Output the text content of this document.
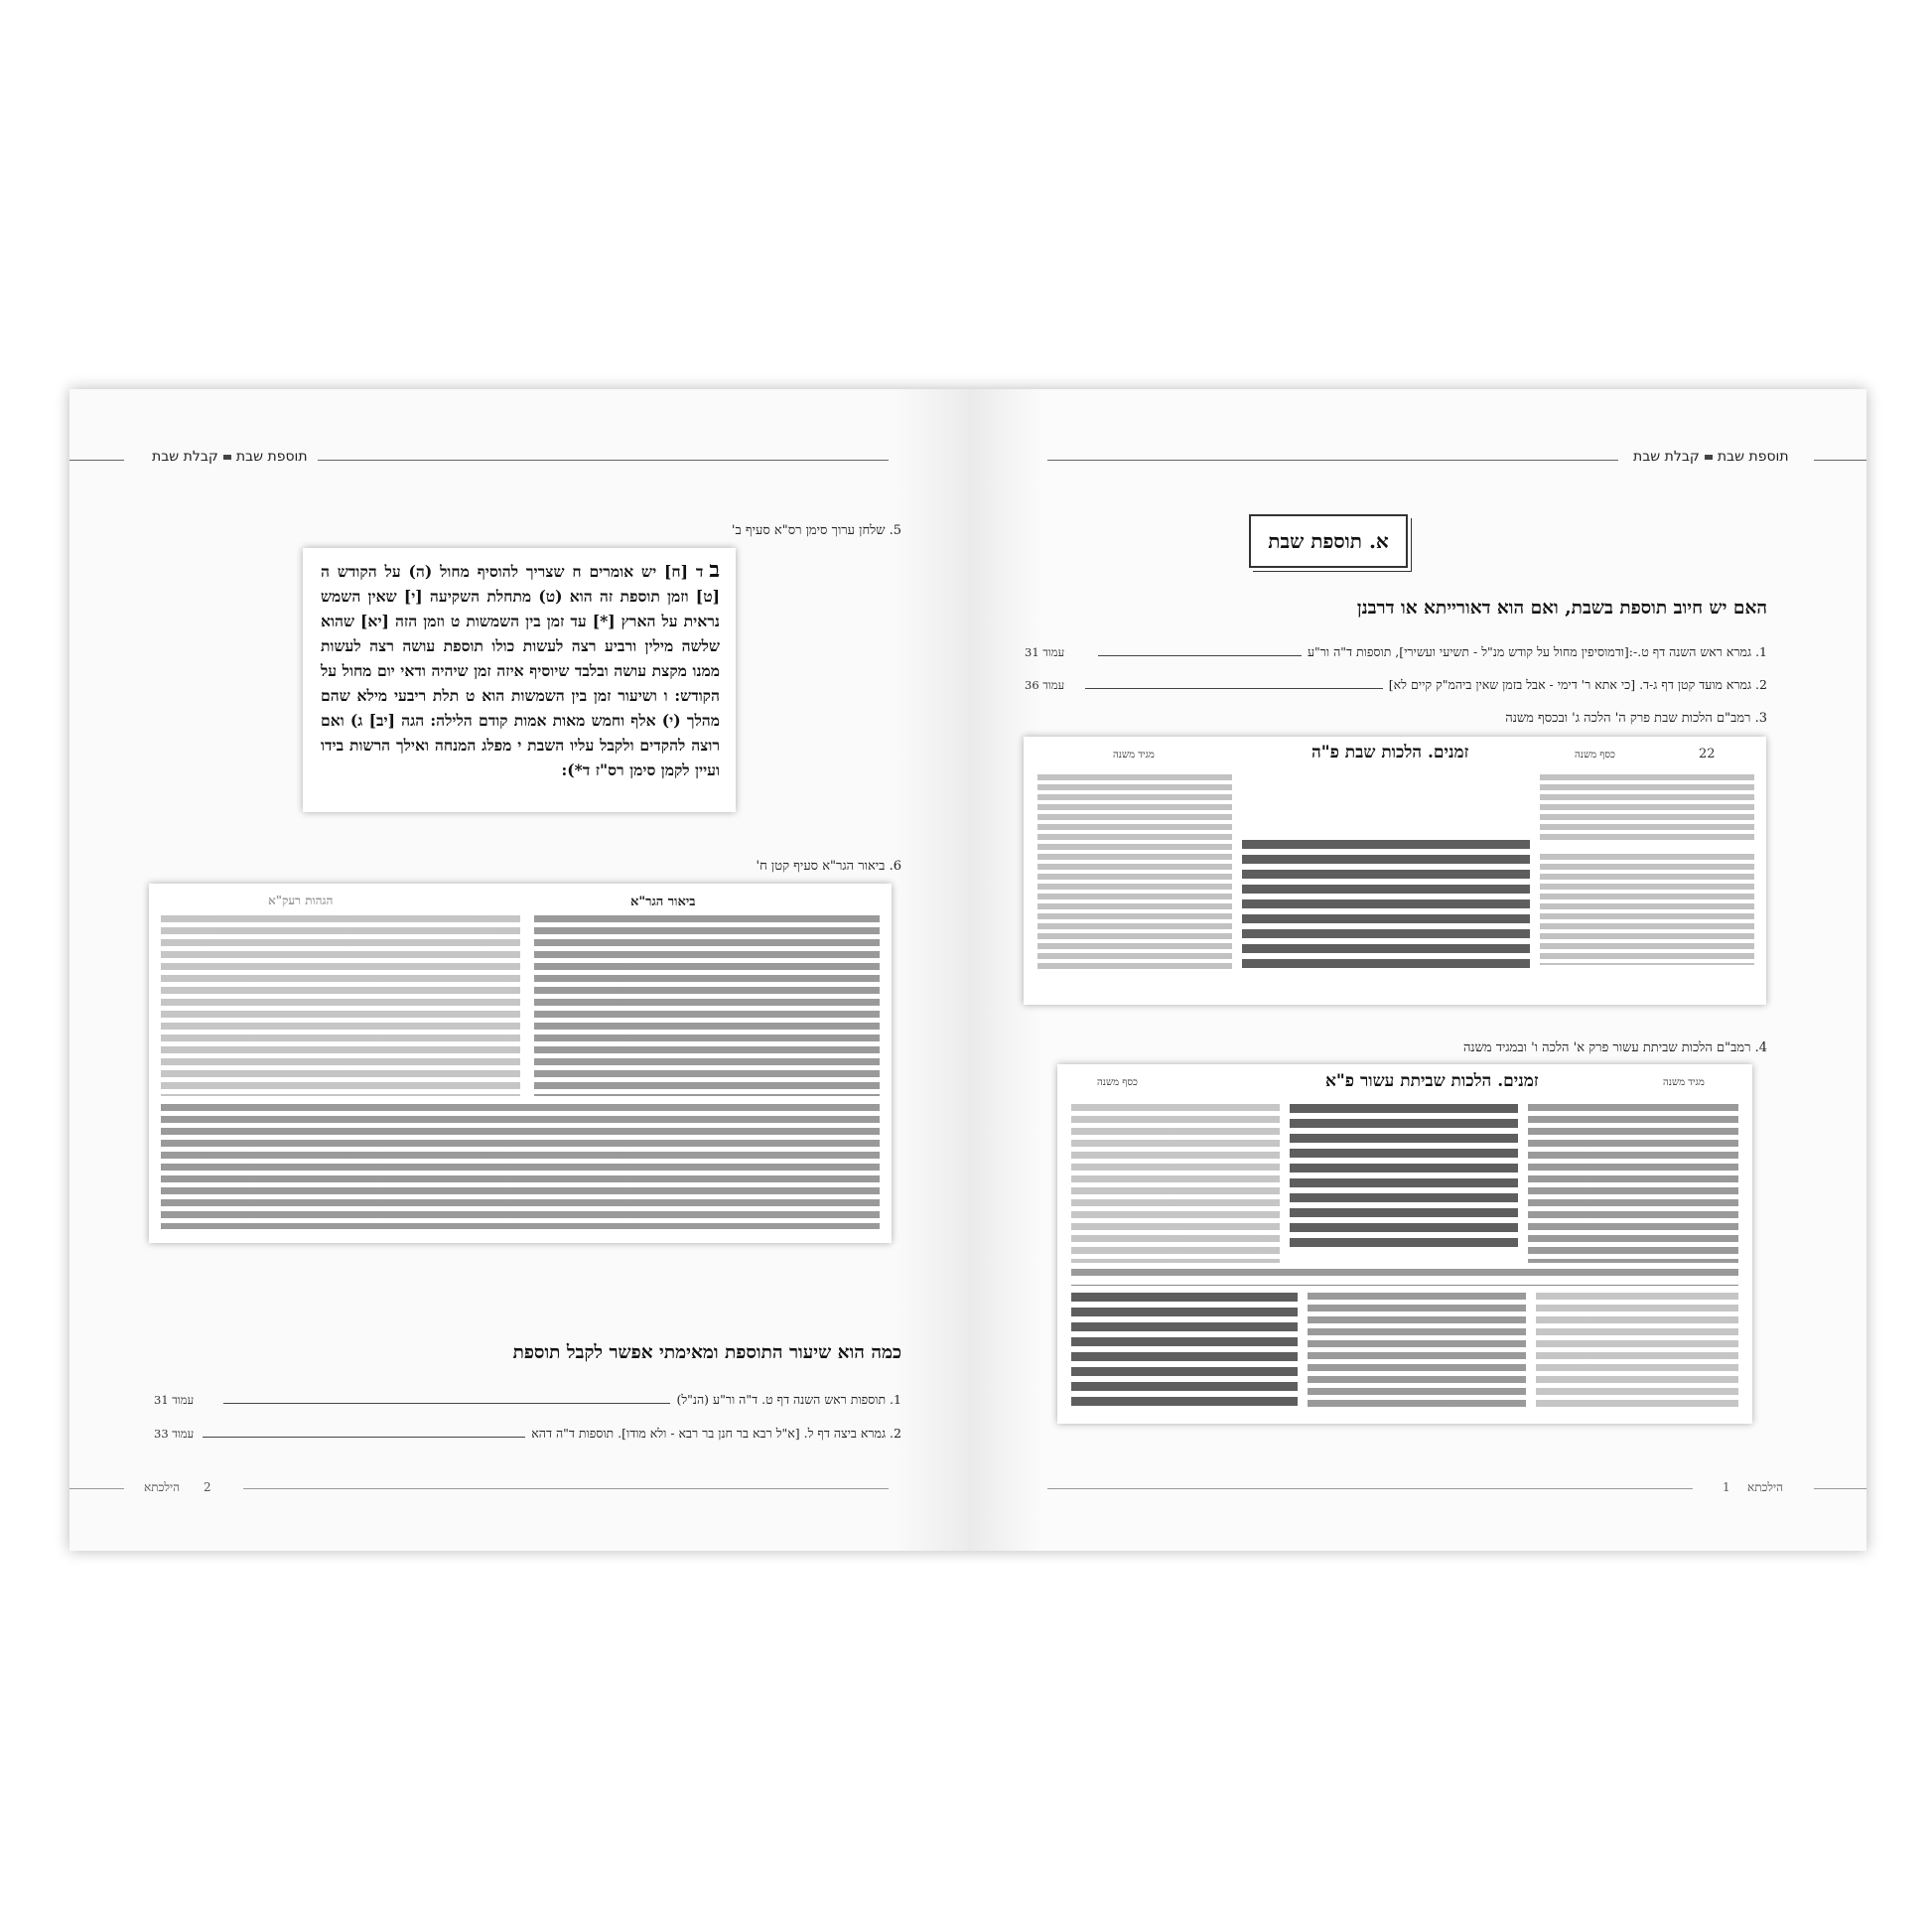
תוספת שבתקבלת שבת
5. שלחן ערוך סימן רס"א סעיף ב'
בד [ח] יש אומרים ח שצריך להוסיף מחול (ה) על הקודש ה [ט] וזמן תוספת זה הוא (ט) מתחלת השקיעה [י] שאין השמש נראית על הארץ [*] עד זמן בין השמשות ט וזמן הזה [יא] שהוא שלשה מילין ורביע רצה לעשות כולו תוספת עושה רצה לעשות ממנו מקצת עושה ובלבד שיוסיף איזה זמן שיהיה ודאי יום מחול על הקודש: ו ושיעור זמן בין השמשות הוא ט תלת ריבעי מילא שהם מהלך (י) אלף וחמש מאות אמות קודם הלילה: הגה [יב] ג) ואם רוצה להקדים ולקבל עליו השבת י מפלג המנחה ואילך הרשות בידו ועיין לקמן סימן רס"ז ד*):
6. ביאור הגר"א סעיף קטן ח'
ביאור הגר"א
הגהות רעק"א
כמה הוא שיעור התוספת ומאימתי אפשר לקבל תוספת
1. תוספות ראש השנה דף ט. ד"ה ור"ע (הנ"ל)
עמוד 31
2. גמרא ביצה דף ל. [א"ל רבא בר חנן בר רבא - ולא מודו]. תוספות ד"ה דהא
עמוד 33
הילכתא 2
תוספת שבתקבלת שבת
א. תוספת שבת
האם יש חיוב תוספת בשבת, ואם הוא דאורייתא או דרבנן
1. גמרא ראש השנה דף ט.-:[ודמוסיפין מחול על קודש מנ"ל - תשיעי ועשירי], תוספות ד"ה ור"ע
עמוד 31
2. גמרא מועד קטן דף ג-ד. [כי אתא ר' דימי - אבל בזמן שאין ביהמ"ק קיים לא]
עמוד 36
3. רמב"ם הלכות שבת פרק ה' הלכה ג' ובכסף משנה
22
כסף משנה
זמנים. הלכות שבת פ"ה
מגיד משנה
4. רמב"ם הלכות שביתת עשור פרק א' הלכה ו' ובמגיד משנה
מגיד משנה
זמנים. הלכות שביתת עשור פ"א
כסף משנה
1 הילכתא
